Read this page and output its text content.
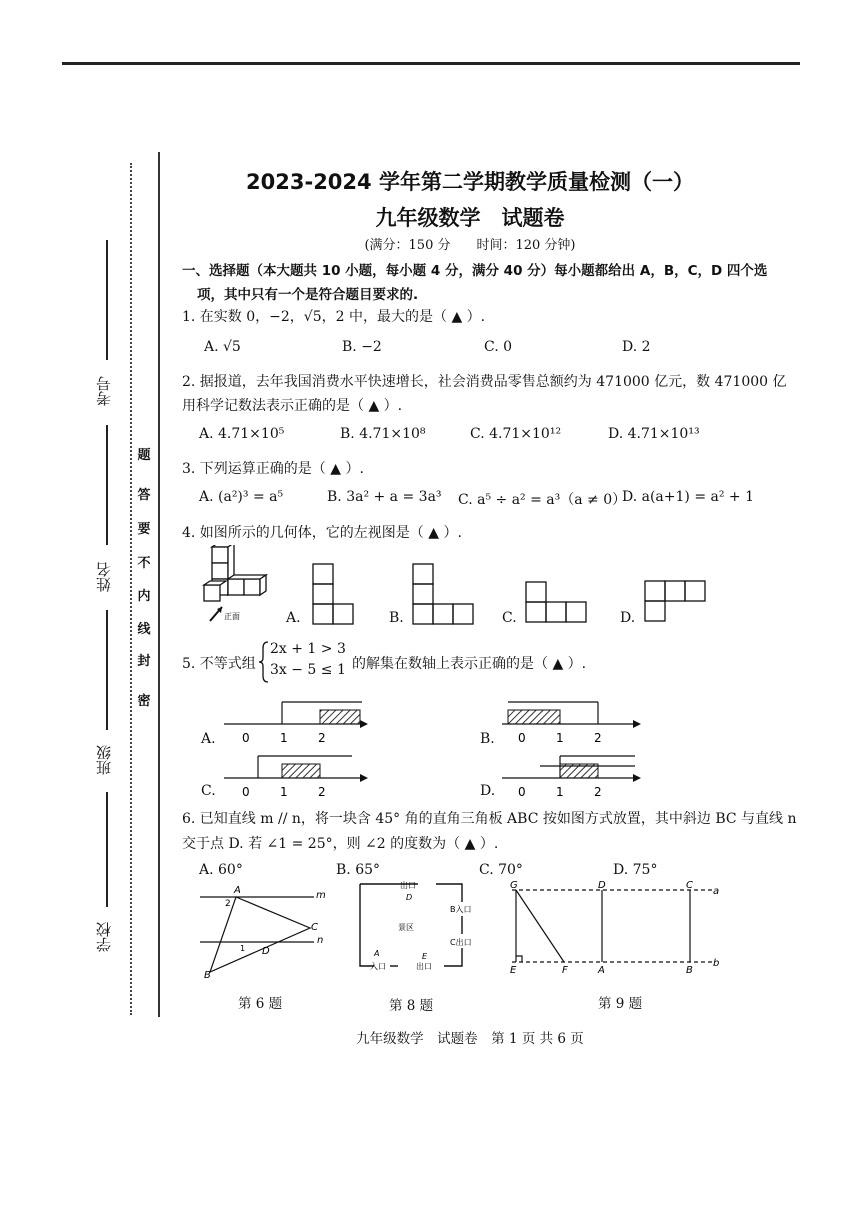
考号
姓名
班级
学校
密
封
线
内
不
要
答
题
2023-2024 学年第二学期教学质量检测（一）
九年级数学　试题卷
(满分：150 分　　时间：120 分钟)
一、选择题（本大题共 10 小题，每小题 4 分，满分 40 分）每小题都给出 A，B，C，D 四个选
项，其中只有一个是符合题目要求的.
1. 在实数 0，−2，√5，2 中，最大的是（ ▲ ）.
A. √5	B. −2	C. 0	D. 2
2. 据报道，去年我国消费水平快速增长，社会消费品零售总额约为 471000 亿元，数 471000 亿
用科学记数法表示正确的是（ ▲ ）.
A. 4.71×10⁵	B. 4.71×10⁸	C. 4.71×10¹²	D. 4.71×10¹³
3. 下列运算正确的是（ ▲ ）.
A. (a²)³ = a⁵	B. 3a² + a = 3a³ C. a⁵ ÷ a² = a³（a ≠ 0）
D. a(a+1) = a² + 1
4. 如图所示的几何体，它的左视图是（ ▲ ）.
正面	A.	B.	C.	D.
5. 不等式组
2x + 1 > 3
3x − 5 ≤ 1 的解集在数轴上表示正确的是（ ▲ ）.
A. 0	1	2	B. 0	1	2
C. 0	1	2	D. 0	1	2
6. 已知直线 m // n，将一块含 45° 角的直角三角板 ABC 按如图方式放置，其中斜边 BC 与直线 n
交于点 D. 若 ∠1 = 25°，则 ∠2 的度数为（ ▲ ）.
A. 60°	B. 65°	C. 70°	D. 75°
A
2
m
C
n
1 D
B
第 6 题
出口
D
B入口
景区
C出口
A
入口
E
出口
第 8 题
G	D	C
a
E	F	A	B
b
第 9 题
九年级数学　试题卷　第 1 页 共 6 页
